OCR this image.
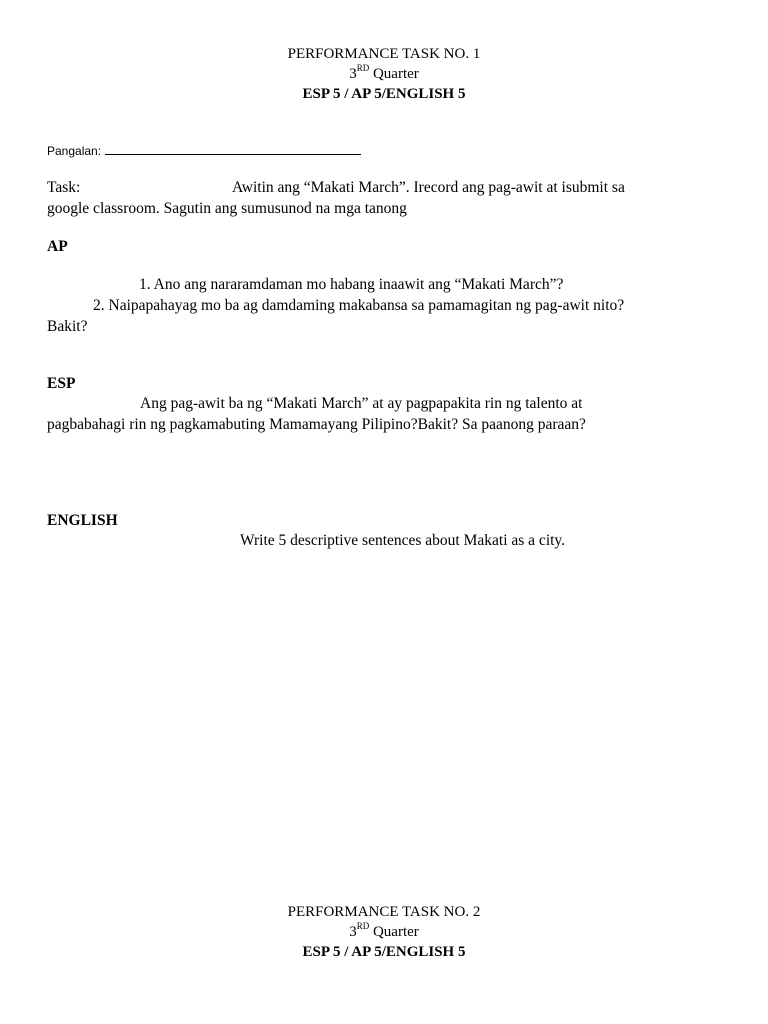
PERFORMANCE TASK NO. 1
3RD Quarter
ESP 5 / AP 5/ENGLISH 5
Pangalan:
Task:	Awitin ang “Makati March”. Irecord ang pag-awit at isubmit sa
google classroom. Sagutin ang sumusunod na mga tanong
AP
1. Ano ang nararamdaman mo habang inaawit ang “Makati March”?
2. Naipapahayag mo ba ag damdaming makabansa sa pamamagitan ng pag-awit nito?
Bakit?
ESP
Ang pag-awit ba ng “Makati March” at ay pagpapakita rin ng talento at
pagbabahagi rin ng pagkamabuting Mamamayang Pilipino?Bakit? Sa paanong paraan?
ENGLISH
Write 5 descriptive sentences about Makati as a city.
PERFORMANCE TASK NO. 2
3RD Quarter
ESP 5 / AP 5/ENGLISH 5
